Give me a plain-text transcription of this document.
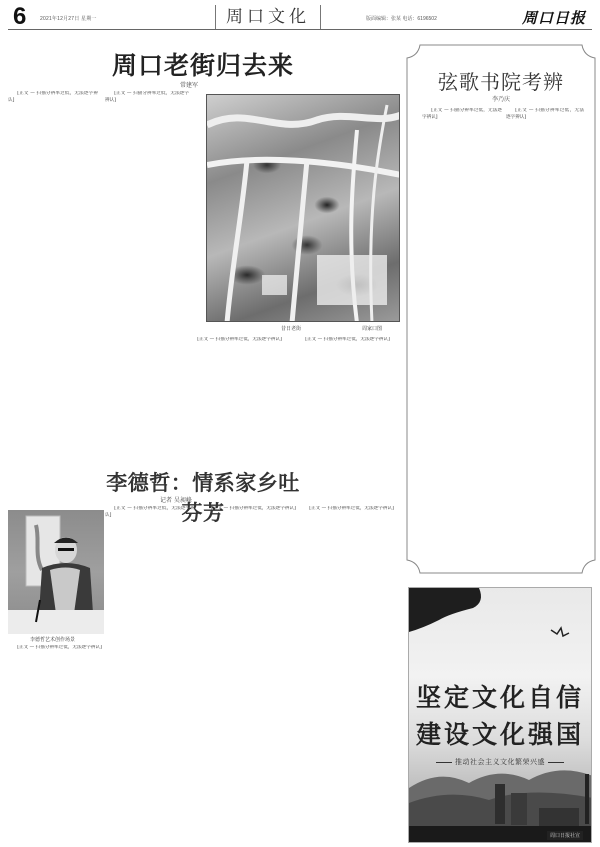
6	2021年12月27日 星期一	周口文化	版面编辑：张某 电话：6196502	周口日报
周口老街归去来
常建军

[正文 — 扫描分辨率过低，无法逐字辨认]

[正文 — 扫描分辨率过低，无法逐字辨认]

昔日老街	周家口图

[正文 — 扫描分辨率过低，无法逐字辨认]	[正文 — 扫描分辨率过低，无法逐字辨认]

弦歌书院考辨
李乃庆

[正文 — 扫描分辨率过低，无法逐字辨认]

[正文 — 扫描分辨率过低，无法逐字辨认]

李德哲：情系家乡吐芬芳
记者 吴昶峰
李德哲艺术创作场景

[正文 — 扫描分辨率过低，无法逐字辨认]

[正文 — 扫描分辨率过低，无法逐字辨认]

[正文 — 扫描分辨率过低，无法逐字辨认]	[正文 — 扫描分辨率过低，无法逐字辨认]

坚定文化自信
建设文化强国
推动社会主义文化繁荣兴盛
周口日报社宣
